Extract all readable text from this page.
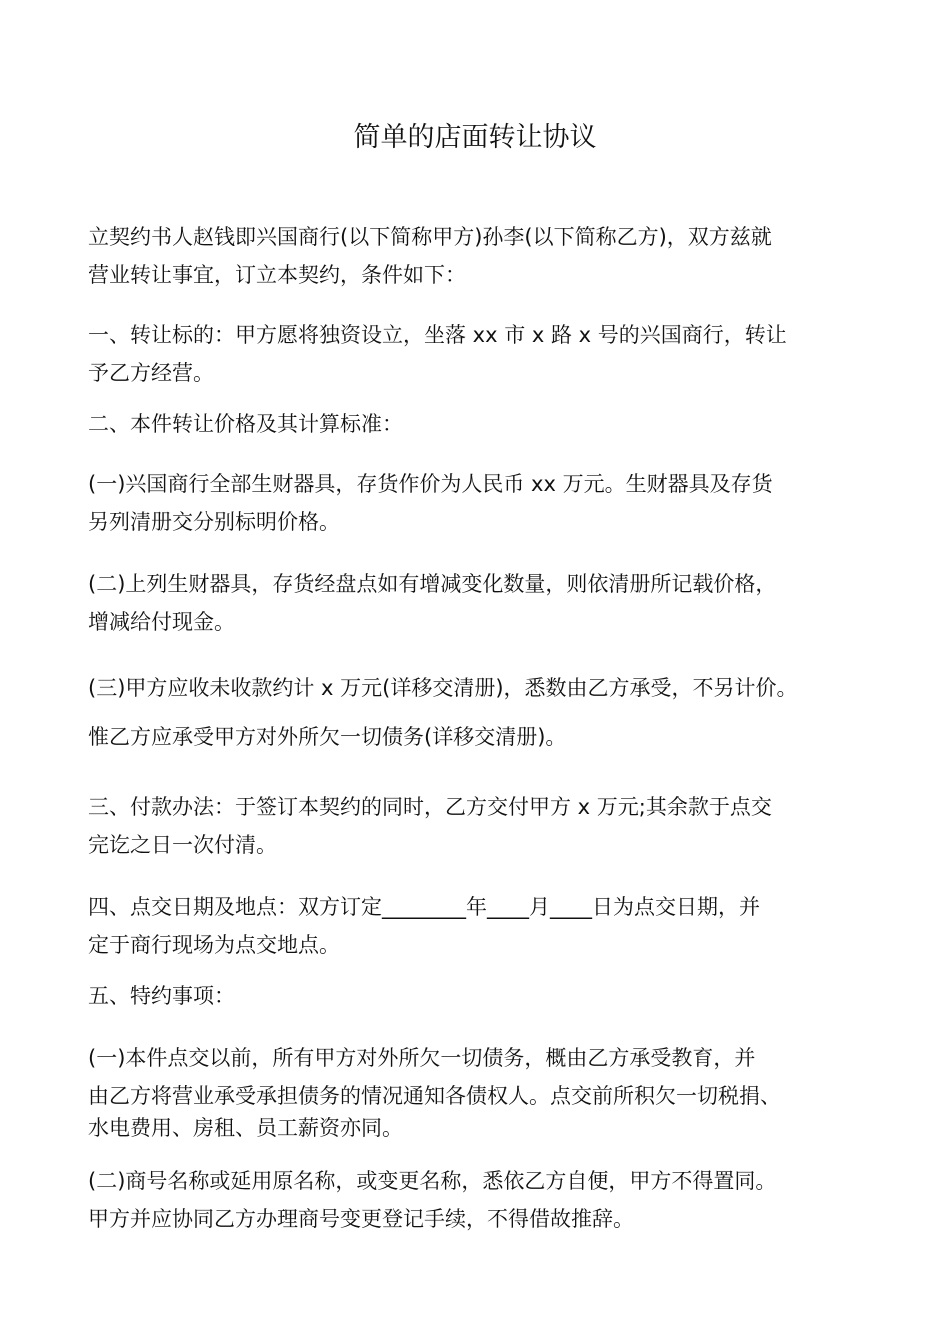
简单的店面转让协议
立契约书人赵钱即兴国商行(以下简称甲方)孙李(以下简称乙方)，双方兹就
营业转让事宜，订立本契约，条件如下：
一、转让标的：甲方愿将独资设立，坐落 xx 市 x 路 x 号的兴国商行，转让
予乙方经营。
二、本件转让价格及其计算标准：
(一)兴国商行全部生财器具，存货作价为人民币 xx 万元。生财器具及存货
另列清册交分别标明价格。
(二)上列生财器具，存货经盘点如有增减变化数量，则依清册所记载价格，
增减给付现金。
(三)甲方应收未收款约计 x 万元(详移交清册)，悉数由乙方承受，不另计价。
惟乙方应承受甲方对外所欠一切债务(详移交清册)。
三、付款办法：于签订本契约的同时，乙方交付甲方 x 万元;其余款于点交
完讫之日一次付清。
四、点交日期及地点：双方订定________年____月____日为点交日期，并
定于商行现场为点交地点。
五、特约事项：
(一)本件点交以前，所有甲方对外所欠一切债务，概由乙方承受教育，并
由乙方将营业承受承担债务的情况通知各债权人。点交前所积欠一切税捐、
水电费用、房租、员工薪资亦同。
(二)商号名称或延用原名称，或变更名称，悉依乙方自便，甲方不得置同。
甲方并应协同乙方办理商号变更登记手续，不得借故推辞。
